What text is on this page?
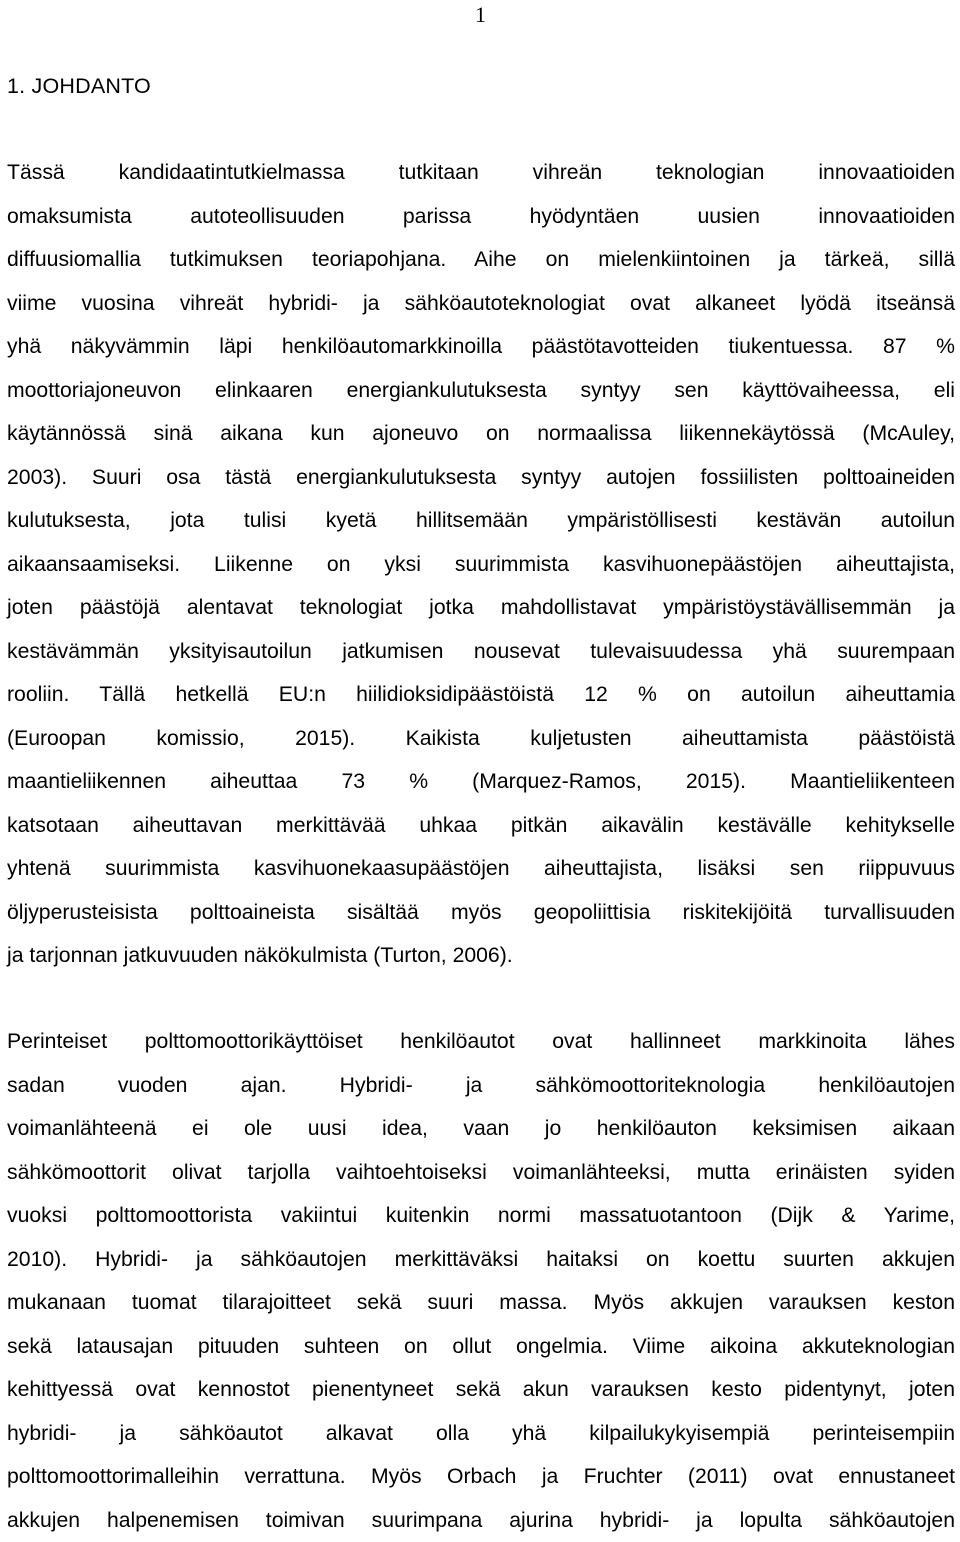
1
1. JOHDANTO
Tässä kandidaatintutkielmassa tutkitaan vihreän teknologian innovaatioiden
omaksumista autoteollisuuden parissa hyödyntäen uusien innovaatioiden
diffuusiomallia tutkimuksen teoriapohjana. Aihe on mielenkiintoinen ja tärkeä, sillä
viime vuosina vihreät hybridi- ja sähköautoteknologiat ovat alkaneet lyödä itseänsä
yhä näkyvämmin läpi henkilöautomarkkinoilla päästötavotteiden tiukentuessa. 87 %
moottoriajoneuvon elinkaaren energiankulutuksesta syntyy sen käyttövaiheessa, eli
käytännössä sinä aikana kun ajoneuvo on normaalissa liikennekäytössä (McAuley,
2003). Suuri osa tästä energiankulutuksesta syntyy autojen fossiilisten polttoaineiden
kulutuksesta, jota tulisi kyetä hillitsemään ympäristöllisesti kestävän autoilun
aikaansaamiseksi. Liikenne on yksi suurimmista kasvihuonepäästöjen aiheuttajista,
joten päästöjä alentavat teknologiat jotka mahdollistavat ympäristöystävällisemmän ja
kestävämmän yksityisautoilun jatkumisen nousevat tulevaisuudessa yhä suurempaan
rooliin. Tällä hetkellä EU:n hiilidioksidipäästöistä 12 % on autoilun aiheuttamia
(Euroopan komissio, 2015). Kaikista kuljetusten aiheuttamista päästöistä
maantieliikennen aiheuttaa 73 % (Marquez-Ramos, 2015). Maantieliikenteen
katsotaan aiheuttavan merkittävää uhkaa pitkän aikavälin kestävälle kehitykselle
yhtenä suurimmista kasvihuonekaasupäästöjen aiheuttajista, lisäksi sen riippuvuus
öljyperusteisista polttoaineista sisältää myös geopoliittisia riskitekijöitä turvallisuuden
ja tarjonnan jatkuvuuden näkökulmista (Turton, 2006).
Perinteiset polttomoottorikäyttöiset henkilöautot ovat hallinneet markkinoita lähes
sadan vuoden ajan. Hybridi- ja sähkömoottoriteknologia henkilöautojen
voimanlähteenä ei ole uusi idea, vaan jo henkilöauton keksimisen aikaan
sähkömoottorit olivat tarjolla vaihtoehtoiseksi voimanlähteeksi, mutta erinäisten syiden
vuoksi polttomoottorista vakiintui kuitenkin normi massatuotantoon (Dijk & Yarime,
2010). Hybridi- ja sähköautojen merkittäväksi haitaksi on koettu suurten akkujen
mukanaan tuomat tilarajoitteet sekä suuri massa. Myös akkujen varauksen keston
sekä latausajan pituuden suhteen on ollut ongelmia. Viime aikoina akkuteknologian
kehittyessä ovat kennostot pienentyneet sekä akun varauksen kesto pidentynyt, joten
hybridi- ja sähköautot alkavat olla yhä kilpailukykyisempiä perinteisempiin
polttomoottorimalleihin verrattuna. Myös Orbach ja Fruchter (2011) ovat ennustaneet
akkujen halpenemisen toimivan suurimpana ajurina hybridi- ja lopulta sähköautojen
